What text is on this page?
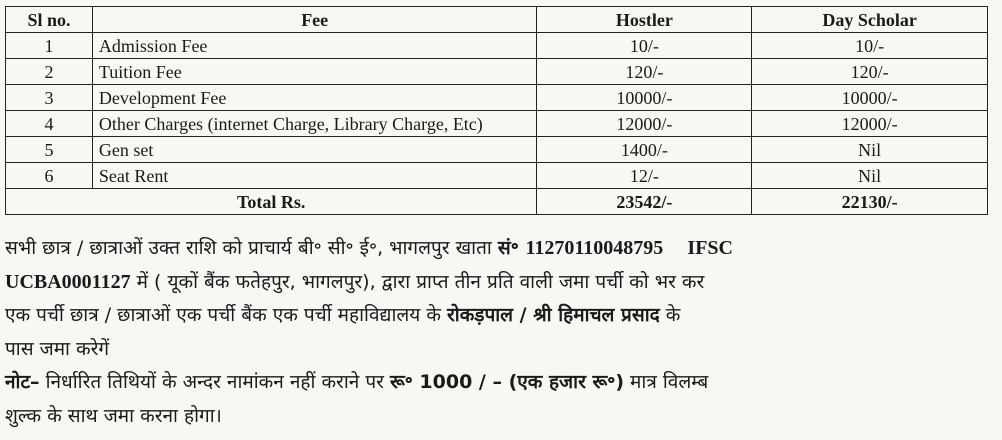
Sl no.	Fee	Hostler	Day Scholar
1	Admission Fee	10/-	10/-
2	Tuition Fee	120/-	120/-
3	Development Fee	10000/-	10000/-
4	Other Charges (internet Charge, Library Charge, Etc)	12000/-	12000/-
5	Gen set	1400/-	Nil
6	Seat Rent	12/-	Nil
Total Rs.		23542/-	22130/-
सभी छात्र / छात्राओं उक्त राशि को प्राचार्य बी॰ सी॰ ई॰, भागलपुर खाता सं॰ 11270110048795 IFSC
UCBA0001127 में ( यूकों बैंक फतेहपुर, भागलपुर), द्वारा प्राप्त तीन प्रति वाली जमा पर्ची को भर कर
एक पर्ची छात्र / छात्राओं एक पर्ची बैंक एक पर्ची महाविद्यालय के रोकड़पाल / श्री हिमाचल प्रसाद के
पास जमा करेगें
नोट– निर्धारित तिथियों के अन्दर नामांकन नहीं कराने पर रू॰ 1000 / – (एक हजार रू॰) मात्र विलम्ब
शुल्क के साथ जमा करना होगा।
